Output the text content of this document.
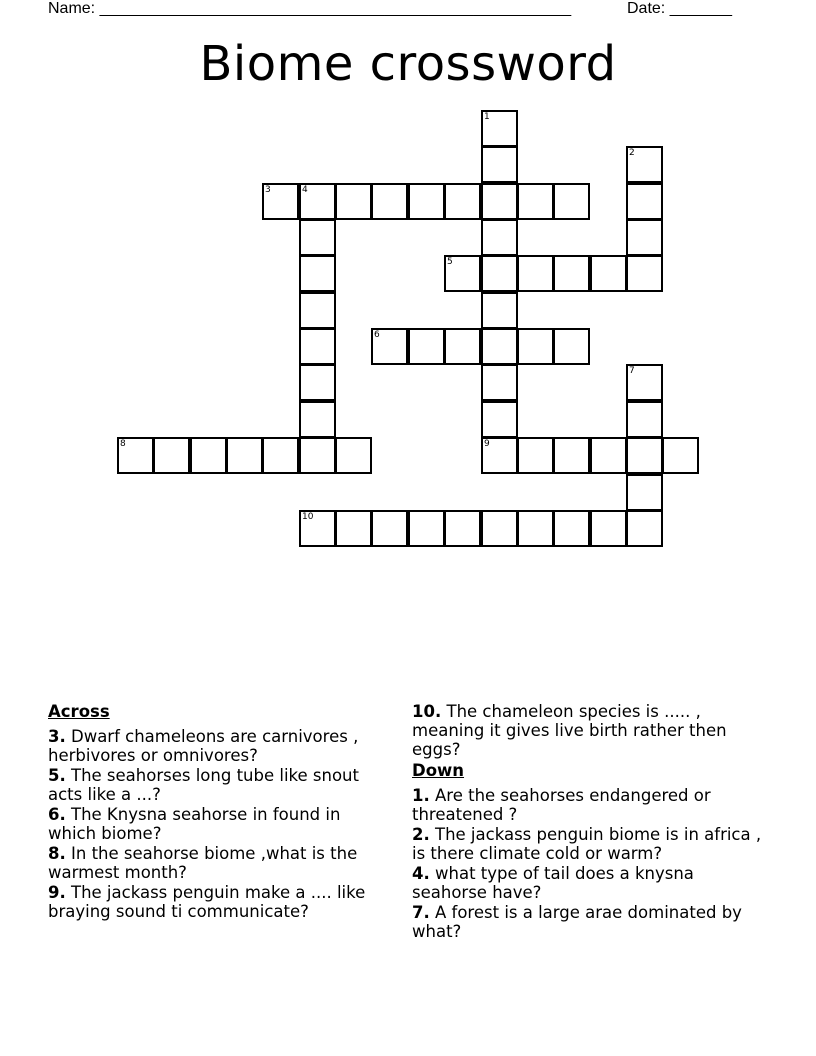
Name: _____________________________________________________	Date: _______
Biome crossword
1
2
3	4
5
6
7
8	9
10
Across
3. Dwarf chameleons are carnivores , herbivores or omnivores?
5. The seahorses long tube like snout acts like a ...?
6. The Knysna seahorse in found in which biome?
8. In the seahorse biome ,what is the warmest month?
9. The jackass penguin make a .... like braying sound ti communicate?
10. The chameleon species is ..... , meaning it gives live birth rather then eggs?
Down
1. Are the seahorses endangered or threatened ?
2. The jackass penguin biome is in africa , is there climate cold or warm?
4. what type of tail does a knysna seahorse have?
7. A forest is a large arae dominated by what?
